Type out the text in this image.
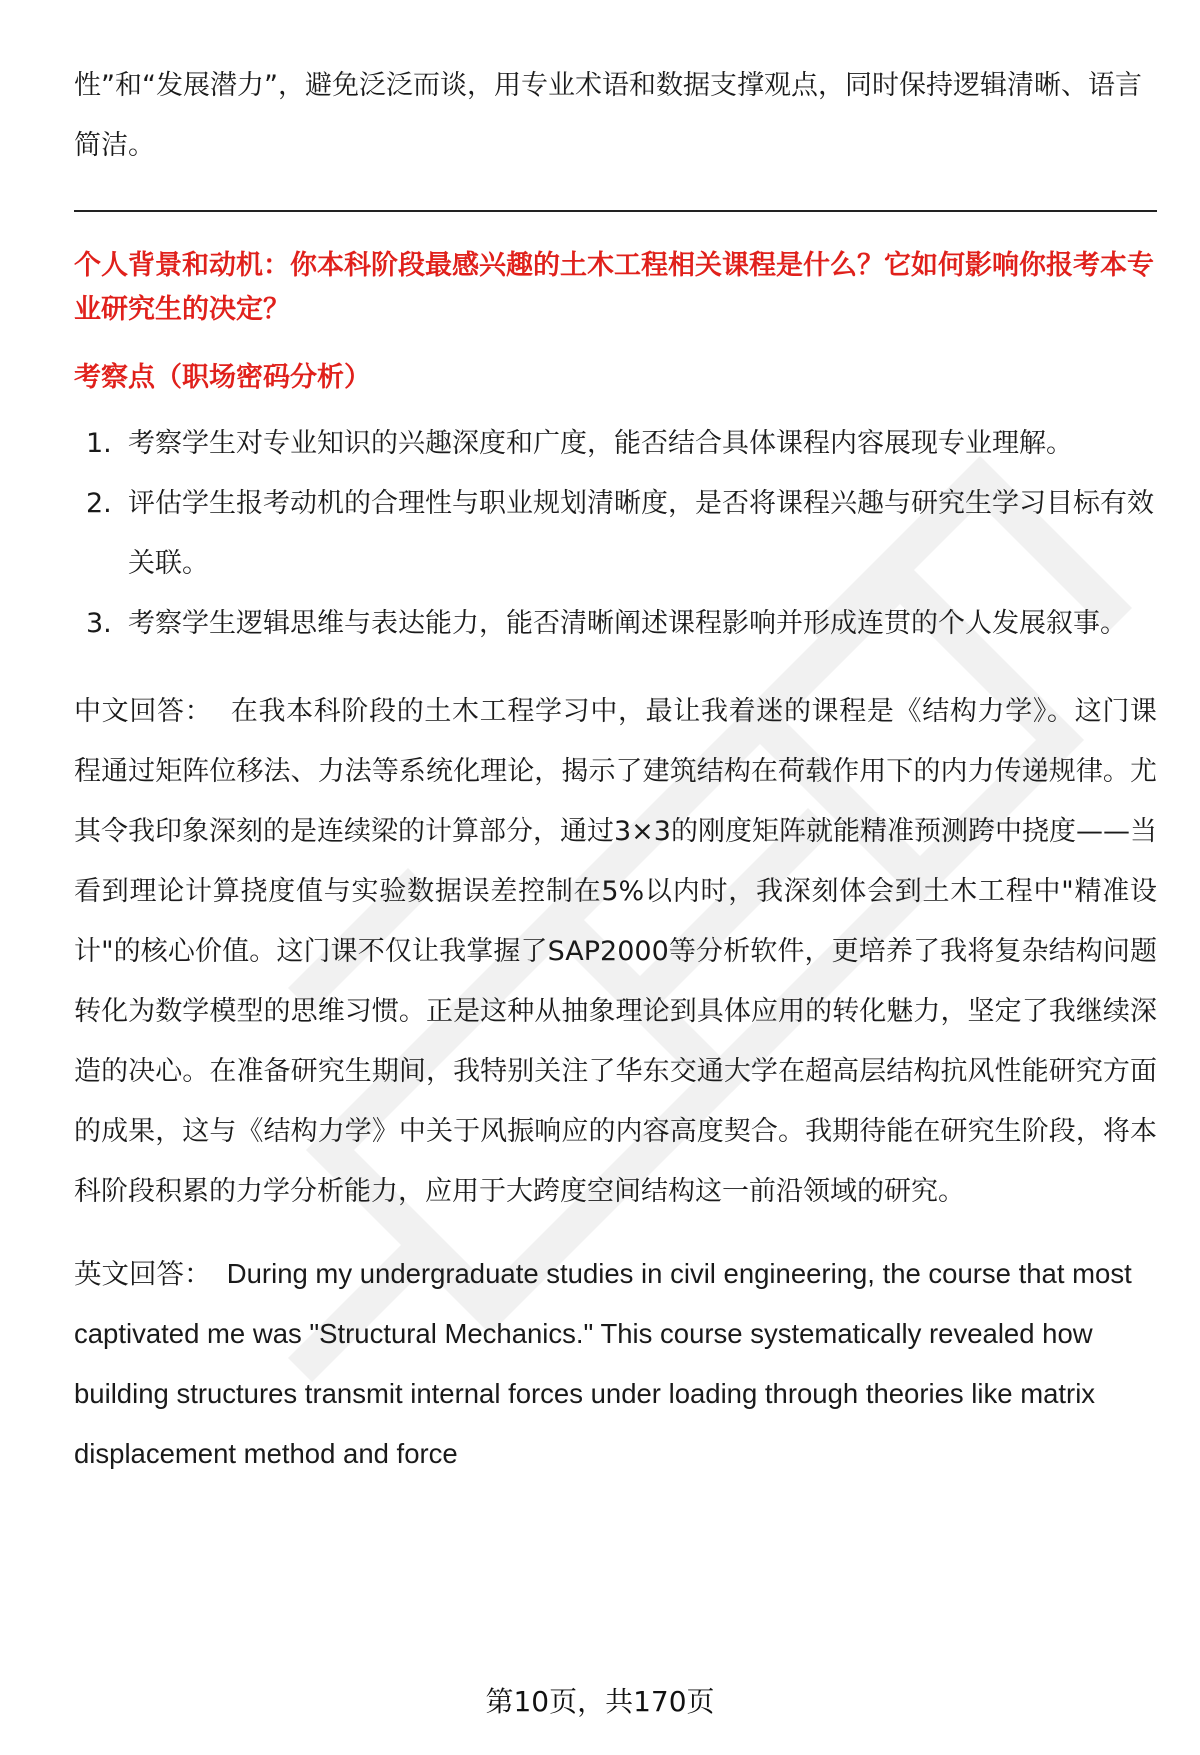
性”和“发展潜力”，避免泛泛而谈，用专业术语和数据支撑观点，同时保持逻辑清晰、语言简洁。

个人背景和动机：你本科阶段最感兴趣的土木工程相关课程是什么？它如何影响你报考本专业研究生的决定？

考察点（职场密码分析）

1. 考察学生对专业知识的兴趣深度和广度，能否结合具体课程内容展现专业理解。
2. 评估学生报考动机的合理性与职业规划清晰度，是否将课程兴趣与研究生学习目标有效关联。
3. 考察学生逻辑思维与表达能力，能否清晰阐述课程影响并形成连贯的个人发展叙事。

中文回答： 在我本科阶段的土木工程学习中，最让我着迷的课程是《结构力学》。这门课程通过矩阵位移法、力法等系统化理论，揭示了建筑结构在荷载作用下的内力传递规律。尤其令我印象深刻的是连续梁的计算部分，通过3×3的刚度矩阵就能精准预测跨中挠度——当看到理论计算挠度值与实验数据误差控制在5%以内时，我深刻体会到土木工程中"精准设计"的核心价值。这门课不仅让我掌握了SAP2000等分析软件，更培养了我将复杂结构问题转化为数学模型的思维习惯。正是这种从抽象理论到具体应用的转化魅力，坚定了我继续深造的决心。在准备研究生期间，我特别关注了华东交通大学在超高层结构抗风性能研究方面的成果，这与《结构力学》中关于风振响应的内容高度契合。我期待能在研究生阶段，将本科阶段积累的力学分析能力，应用于大跨度空间结构这一前沿领域的研究。

英文回答： During my undergraduate studies in civil engineering, the course that most captivated me was "Structural Mechanics." This course systematically revealed how building structures transmit internal forces under loading through theories like matrix displacement method and force

第10页，共170页
